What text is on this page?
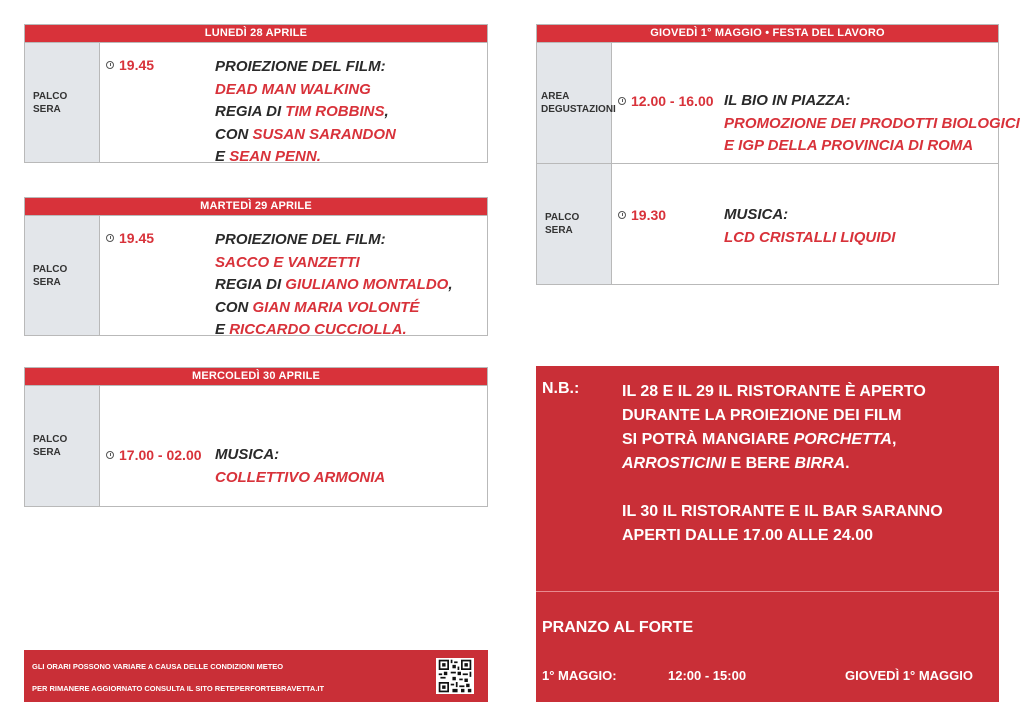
LUNEDÌ 28 APRILE
PALCO
SERA
19.45	PROIEZIONE DEL FILM:
DEAD MAN WALKING
REGIA DI TIM ROBBINS,
CON SUSAN SARANDON
E SEAN PENN.
MARTEDÌ 29 APRILE
PALCO
SERA
19.45	PROIEZIONE DEL FILM:
SACCO E VANZETTI
REGIA DI GIULIANO MONTALDO,
CON GIAN MARIA VOLONTÉ
E RICCARDO CUCCIOLLA.
MERCOLEDÌ 30 APRILE
PALCO
SERA	17.00 - 02.00 MUSICA:
COLLETTIVO ARMONIA
GIOVEDÌ 1° MAGGIO • FESTA DEL LAVORO
AREA
DEGUSTAZIONI
12.00 - 16.00 IL BIO IN PIAZZA:
PROMOZIONE DEI PRODOTTI BIOLOGICI
E IGP DELLA PROVINCIA DI ROMA
PALCO
SERA
19.30	MUSICA:
LCD CRISTALLI LIQUIDI
N.B.:	IL 28 E IL 29 IL RISTORANTE È APERTO
DURANTE LA PROIEZIONE DEI FILM
SI POTRÀ MANGIARE PORCHETTA,
ARROSTICINI E BERE BIRRA.

IL 30 IL RISTORANTE E IL BAR SARANNO
APERTI DALLE 17.00 ALLE 24.00
PRANZO AL FORTE
1° MAGGIO:	12:00 - 15:00	GIOVEDÌ 1° MAGGIO
GLI ORARI POSSONO VARIARE A CAUSA DELLE CONDIZIONI METEO
PER RIMANERE AGGIORNATO CONSULTA IL SITO RETEPERFORTEBRAVETTA.IT
